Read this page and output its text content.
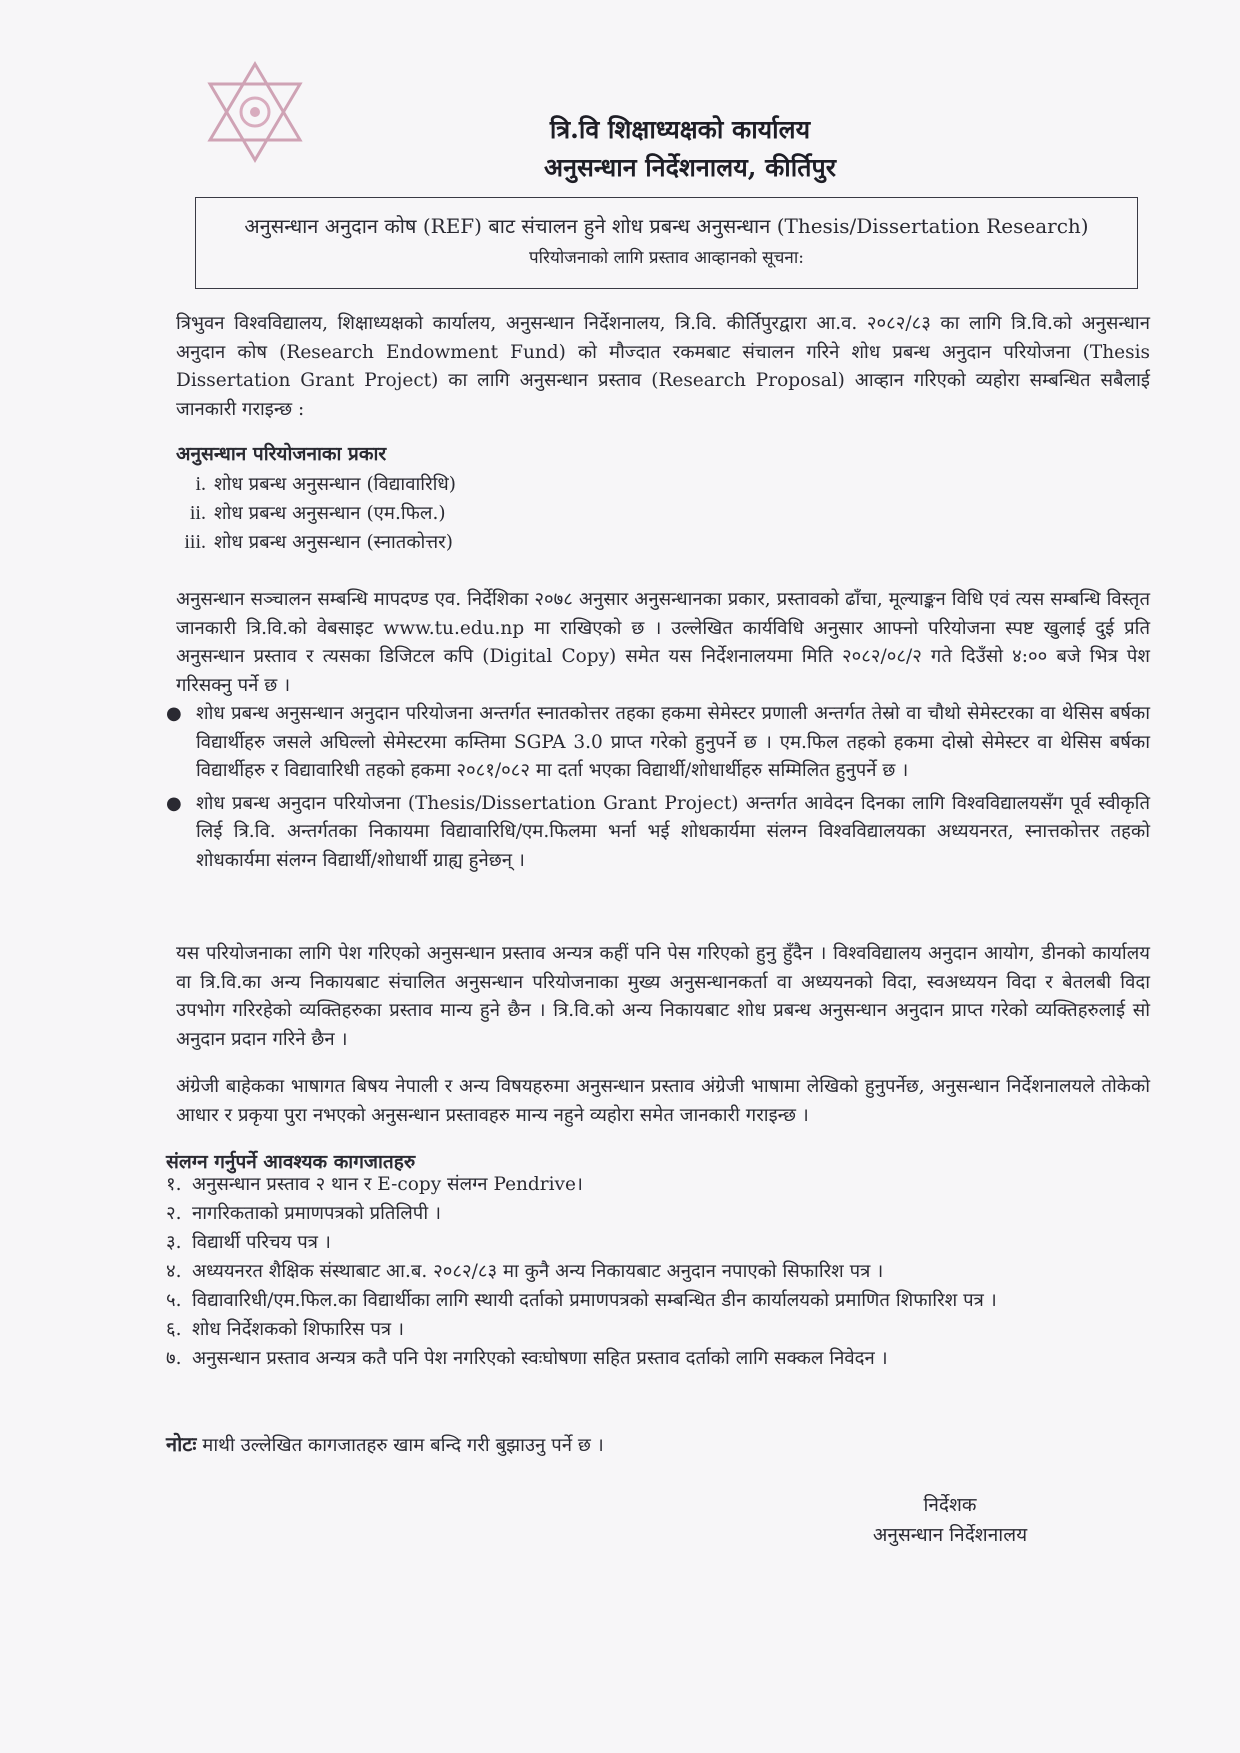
त्रि.वि शिक्षाध्यक्षको कार्यालय
अनुसन्धान निर्देशनालय, कीर्तिपुर
अनुसन्धान अनुदान कोष (REF) बाट संचालन हुने शोध प्रबन्ध अनुसन्धान (Thesis/Dissertation Research)
परियोजनाको लागि प्रस्ताव आव्हानको सूचना:
त्रिभुवन विश्वविद्यालय, शिक्षाध्यक्षको कार्यालय, अनुसन्धान निर्देशनालय, त्रि.वि. कीर्तिपुरद्वारा आ.व. २०८२/८३ का लागि त्रि.वि.को अनुसन्धान अनुदान कोष (Research Endowment Fund) को मौज्दात रकमबाट संचालन गरिने शोध प्रबन्ध अनुदान परियोजना (Thesis Dissertation Grant Project) का लागि अनुसन्धान प्रस्ताव (Research Proposal) आव्हान गरिएको व्यहोरा सम्बन्धित सबैलाई जानकारी गराइन्छ :
अनुसन्धान परियोजनाका प्रकार
i. शोध प्रबन्ध अनुसन्धान (विद्यावारिधि)
ii. शोध प्रबन्ध अनुसन्धान (एम.फिल.)
iii. शोध प्रबन्ध अनुसन्धान (स्नातकोत्तर)
अनुसन्धान सञ्चालन सम्बन्धि मापदण्ड एव. निर्देशिका २०७८ अनुसार अनुसन्धानका प्रकार, प्रस्तावको ढाँचा, मूल्याङ्कन विधि एवं त्यस सम्बन्धि विस्तृत जानकारी त्रि.वि.को वेबसाइट www.tu.edu.np मा राखिएको छ । उल्लेखित कार्यविधि अनुसार आफ्नो परियोजना स्पष्ट खुलाई दुई प्रति अनुसन्धान प्रस्ताव र त्यसका डिजिटल कपि (Digital Copy) समेत यस निर्देशनालयमा मिति २०८२/०८/२ गते दिउँसो ४:०० बजे भित्र पेश गरिसक्नु पर्ने छ ।
● शोध प्रबन्ध अनुसन्धान अनुदान परियोजना अन्तर्गत स्नातकोत्तर तहका हकमा सेमेस्टर प्रणाली अन्तर्गत तेस्रो वा चौथो सेमेस्टरका वा थेसिस बर्षका विद्यार्थीहरु जसले अघिल्लो सेमेस्टरमा कम्तिमा SGPA 3.0 प्राप्त गरेको हुनुपर्ने छ । एम.फिल तहको हकमा दोस्रो सेमेस्टर वा थेसिस बर्षका विद्यार्थीहरु र विद्यावारिधी तहको हकमा २०८१/०८२ मा दर्ता भएका विद्यार्थी/शोधार्थीहरु सम्मिलित हुनुपर्ने छ ।
● शोध प्रबन्ध अनुदान परियोजना (Thesis/Dissertation Grant Project) अन्तर्गत आवेदन दिनका लागि विश्वविद्यालयसँग पूर्व स्वीकृति लिई त्रि.वि. अन्तर्गतका निकायमा विद्यावारिधि/एम.फिलमा भर्ना भई शोधकार्यमा संलग्न विश्वविद्यालयका अध्ययनरत, स्नात्तकोत्तर तहको शोधकार्यमा संलग्न विद्यार्थी/शोधार्थी ग्राह्य हुनेछन् ।
यस परियोजनाका लागि पेश गरिएको अनुसन्धान प्रस्ताव अन्यत्र कहीं पनि पेस गरिएको हुनु हुँदैन । विश्वविद्यालय अनुदान आयोग, डीनको कार्यालय वा त्रि.वि.का अन्य निकायबाट संचालित अनुसन्धान परियोजनाका मुख्य अनुसन्धानकर्ता वा अध्ययनको विदा, स्वअध्ययन विदा र बेतलबी विदा उपभोग गरिरहेको व्यक्तिहरुका प्रस्ताव मान्य हुने छैन । त्रि.वि.को अन्य निकायबाट शोध प्रबन्ध अनुसन्धान अनुदान प्राप्त गरेको व्यक्तिहरुलाई सो अनुदान प्रदान गरिने छैन ।
अंग्रेजी बाहेकका भाषागत बिषय नेपाली र अन्य विषयहरुमा अनुसन्धान प्रस्ताव अंग्रेजी भाषामा लेखिको हुनुपर्नेछ, अनुसन्धान निर्देशनालयले तोकेको आधार र प्रकृया पुरा नभएको अनुसन्धान प्रस्तावहरु मान्य नहुने व्यहोरा समेत जानकारी गराइन्छ ।
संलग्न गर्नुपर्ने आवश्यक कागजातहरु
१. अनुसन्धान प्रस्ताव २ थान र E-copy संलग्न Pendrive।
२. नागरिकताको प्रमाणपत्रको प्रतिलिपी ।
३. विद्यार्थी परिचय पत्र ।
४. अध्ययनरत शैक्षिक संस्थाबाट आ.ब. २०८२/८३ मा कुनै अन्य निकायबाट अनुदान नपाएको सिफारिश पत्र ।
५. विद्यावारिधी/एम.फिल.का विद्यार्थीका लागि स्थायी दर्ताको प्रमाणपत्रको सम्बन्धित डीन कार्यालयको प्रमाणित शिफारिश पत्र ।
६. शोध निर्देशकको शिफारिस पत्र ।
७. अनुसन्धान प्रस्ताव अन्यत्र कतै पनि पेश नगरिएको स्वःघोषणा सहित प्रस्ताव दर्ताको लागि सक्कल निवेदन ।
नोटः माथी उल्लेखित कागजातहरु खाम बन्दि गरी बुझाउनु पर्ने छ ।
निर्देशक
अनुसन्धान निर्देशनालय
